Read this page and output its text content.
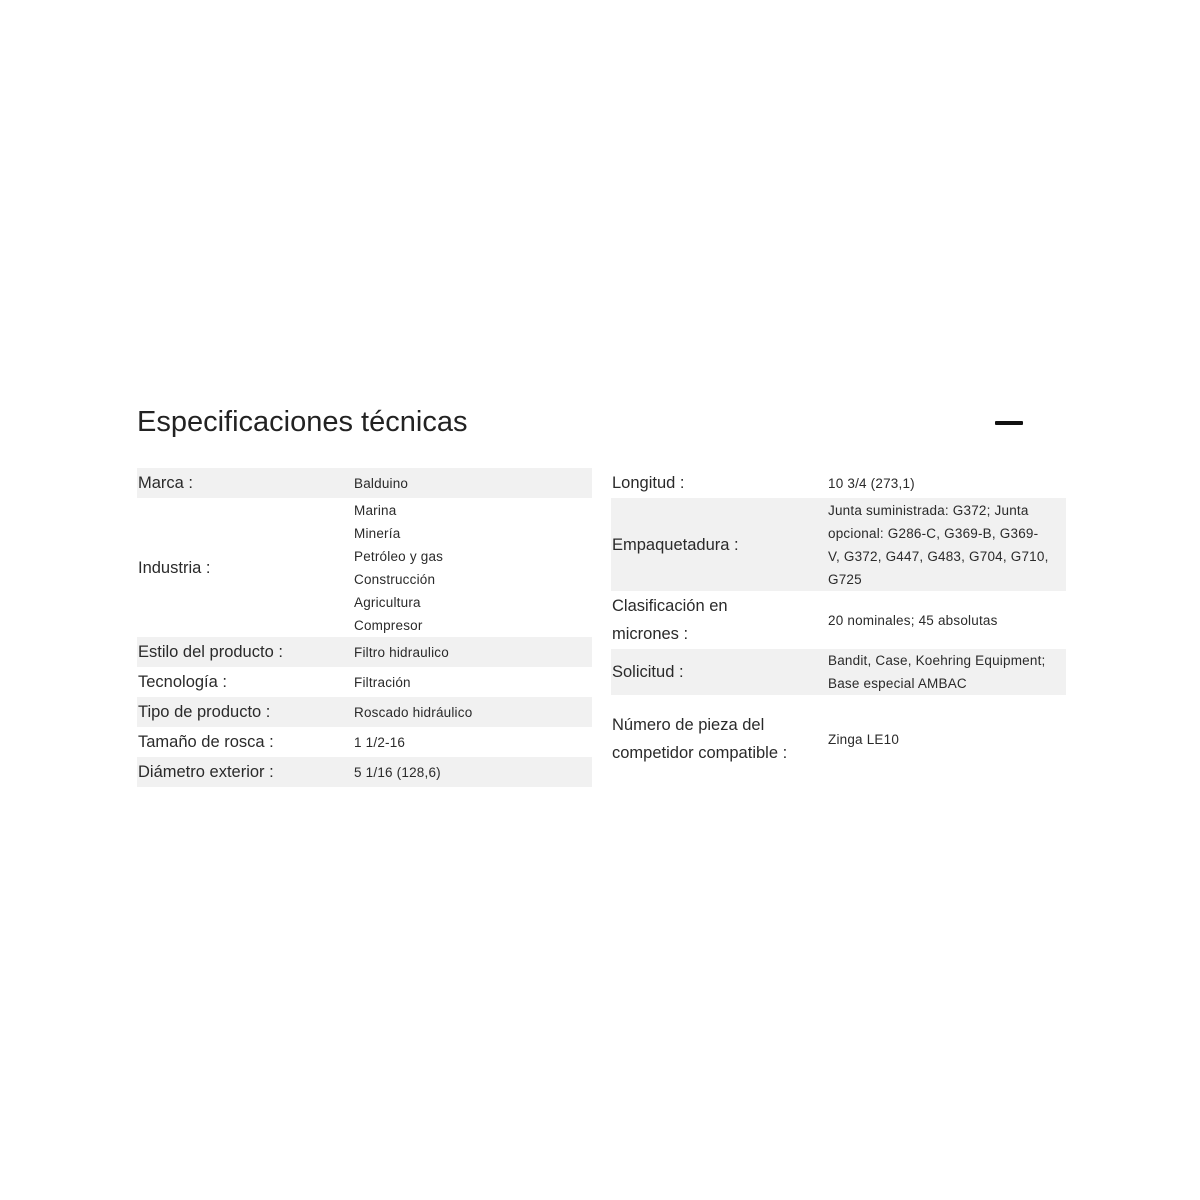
Especificaciones técnicas
Marca :	Balduino
Industria :
Marina
Minería
Petróleo y gas
Construcción
Agricultura
Compresor
Estilo del producto :	Filtro hidraulico
Tecnología :	Filtración
Tipo de producto :	Roscado hidráulico
Tamaño de rosca :	1 1/2-16
Diámetro exterior :	5 1/16 (128,6)
Longitud :	10 3/4 (273,1)
Empaquetadura :
Junta suministrada: G372; Junta
opcional: G286-C, G369-B, G369-
V, G372, G447, G483, G704, G710,
G725
Clasificación en micrones :
20 nominales; 45 absolutas
Solicitud :
Bandit, Case, Koehring Equipment;
Base especial AMBAC
Número de pieza del competidor compatible :
Zinga LE10
